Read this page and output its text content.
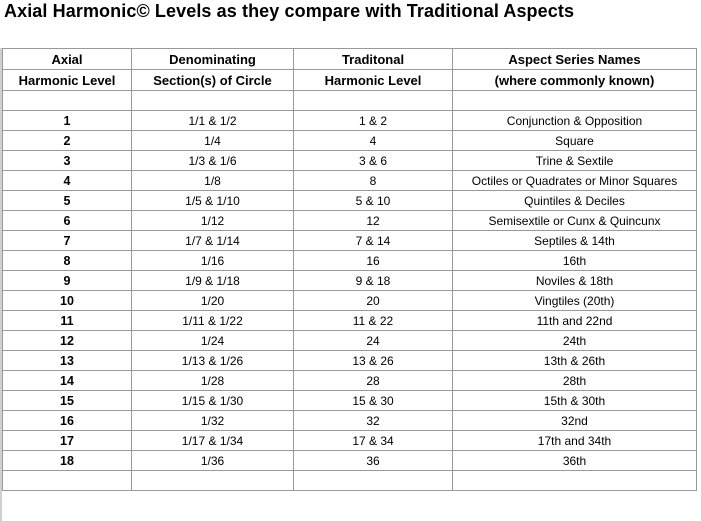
Axial Harmonic© Levels as they compare with Traditional Aspects
Axial	Denominating	Traditonal	Aspect Series Names
Harmonic Level	Section(s) of Circle	Harmonic Level	(where commonly known)

1	1/1 & 1/2	1 & 2	Conjunction & Opposition
2	1/4	4	Square
3	1/3 & 1/6	3 & 6	Trine & Sextile
4	1/8	8	Octiles or Quadrates or Minor Squares
5	1/5 & 1/10	5 & 10	Quintiles & Deciles
6	1/12	12	Semisextile or Cunx & Quincunx
7	1/7 & 1/14	7 & 14	Septiles & 14th
8	1/16	16	16th
9	1/9 & 1/18	9 & 18	Noviles & 18th
10	1/20	20	Vingtiles (20th)
11	1/11 & 1/22	11 & 22	11th and 22nd
12	1/24	24	24th
13	1/13 & 1/26	13 & 26	13th & 26th
14	1/28	28	28th
15	1/15 & 1/30	15 & 30	15th & 30th
16	1/32	32	32nd
17	1/17 & 1/34	17 & 34	17th and 34th
18	1/36	36	36th
